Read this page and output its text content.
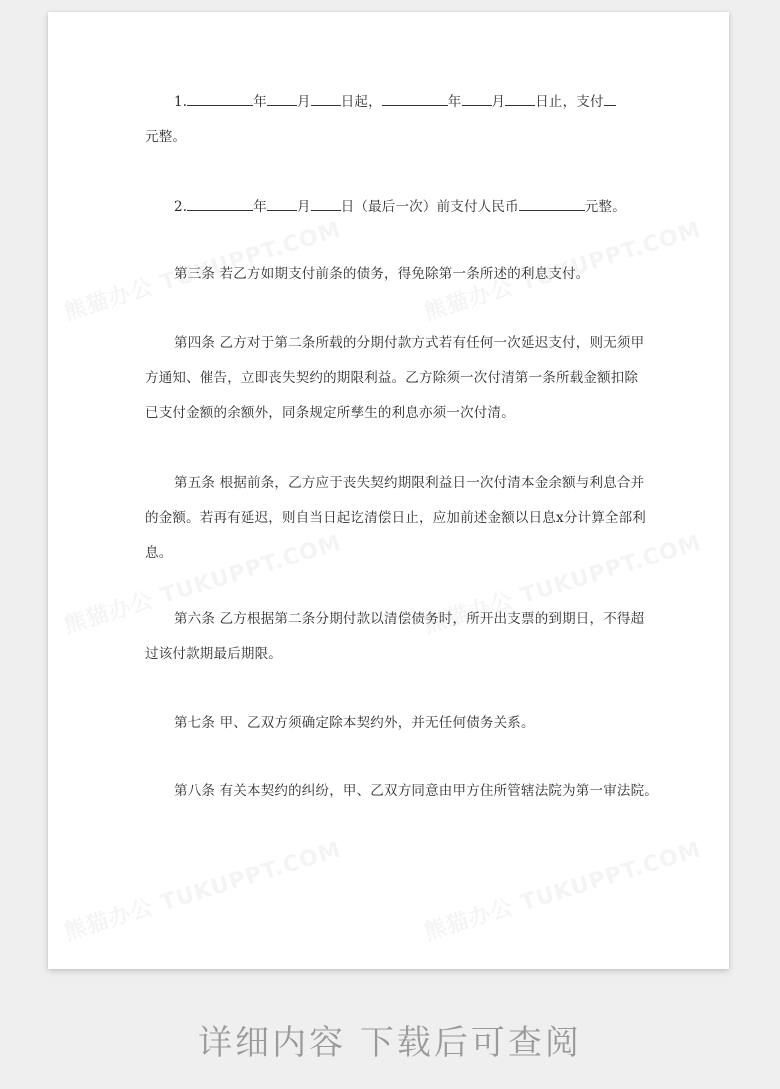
1.	年 月 日起，	年 月 日止，支付
元整。
2.	年 月 日（最后一次）前支付人民币	元整。
第三条 若乙方如期支付前条的债务，得免除第一条所述的利息支付。
第四条 乙方对于第二条所载的分期付款方式若有任何一次延迟支付，则无须甲
方通知、催告，立即丧失契约的期限利益。乙方除须一次付清第一条所载金额扣除
已支付金额的余额外，同条规定所孳生的利息亦须一次付清。
第五条 根据前条，乙方应于丧失契约期限利益日一次付清本金余额与利息合并
的金额。若再有延迟，则自当日起讫清偿日止，应加前述金额以日息x分计算全部利
息。
第六条 乙方根据第二条分期付款以清偿债务时，所开出支票的到期日，不得超
过该付款期最后期限。
第七条 甲、乙双方须确定除本契约外，并无任何债务关系。
第八条 有关本契约的纠纷，甲、乙双方同意由甲方住所管辖法院为第一审法院。
详细内容 下载后可查阅
